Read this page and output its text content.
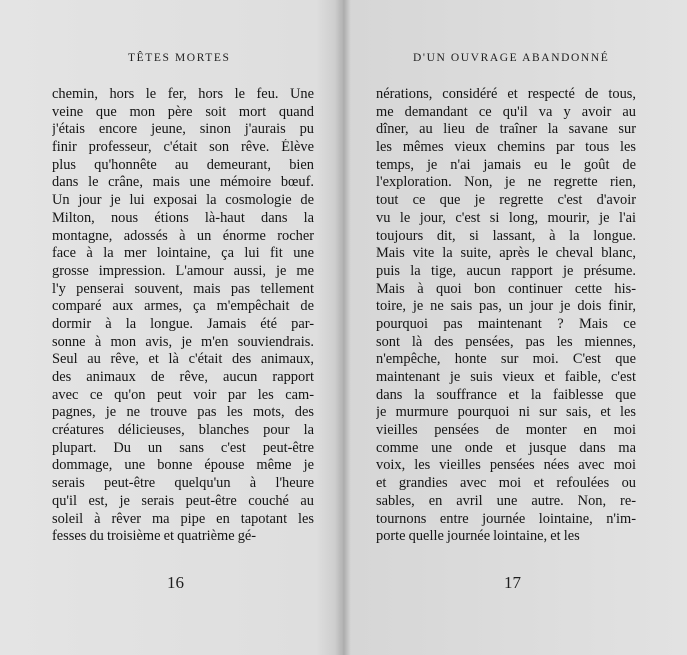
TÊTES MORTES
chemin, hors le fer, hors le feu. Une
veine que mon père soit mort quand
j'étais encore jeune, sinon j'aurais pu
finir professeur, c'était son rêve. Élève
plus qu'honnête au demeurant, bien
dans le crâne, mais une mémoire bœuf.
Un jour je lui exposai la cosmologie de
Milton, nous étions là-haut dans la
montagne, adossés à un énorme rocher
face à la mer lointaine, ça lui fit une
grosse impression. L'amour aussi, je me
l'y penserai souvent, mais pas tellement
comparé aux armes, ça m'empêchait de
dormir à la longue. Jamais été par-
sonne à mon avis, je m'en souviendrais.
Seul au rêve, et là c'était des animaux,
des animaux de rêve, aucun rapport
avec ce qu'on peut voir par les cam-
pagnes, je ne trouve pas les mots, des
créatures délicieuses, blanches pour la
plupart. Du un sans c'est peut-être
dommage, une bonne épouse même je
serais peut-être quelqu'un à l'heure
qu'il est, je serais peut-être couché au
soleil à rêver ma pipe en tapotant les
fesses du troisième et quatrième gé-
16
D'UN OUVRAGE ABANDONNÉ
nérations, considéré et respecté de tous,
me demandant ce qu'il va y avoir au
dîner, au lieu de traîner la savane sur
les mêmes vieux chemins par tous les
temps, je n'ai jamais eu le goût de
l'exploration. Non, je ne regrette rien,
tout ce que je regrette c'est d'avoir
vu le jour, c'est si long, mourir, je l'ai
toujours dit, si lassant, à la longue.
Mais vite la suite, après le cheval blanc,
puis la tige, aucun rapport je présume.
Mais à quoi bon continuer cette his-
toire, je ne sais pas, un jour je dois finir,
pourquoi pas maintenant ? Mais ce
sont là des pensées, pas les miennes,
n'empêche, honte sur moi. C'est que
maintenant je suis vieux et faible, c'est
dans la souffrance et la faiblesse que
je murmure pourquoi ni sur sais, et les
vieilles pensées de monter en moi
comme une onde et jusque dans ma
voix, les vieilles pensées nées avec moi
et grandies avec moi et refoulées ou
sables, en avril une autre. Non, re-
tournons entre journée lointaine, n'im-
porte quelle journée lointaine, et les
17
